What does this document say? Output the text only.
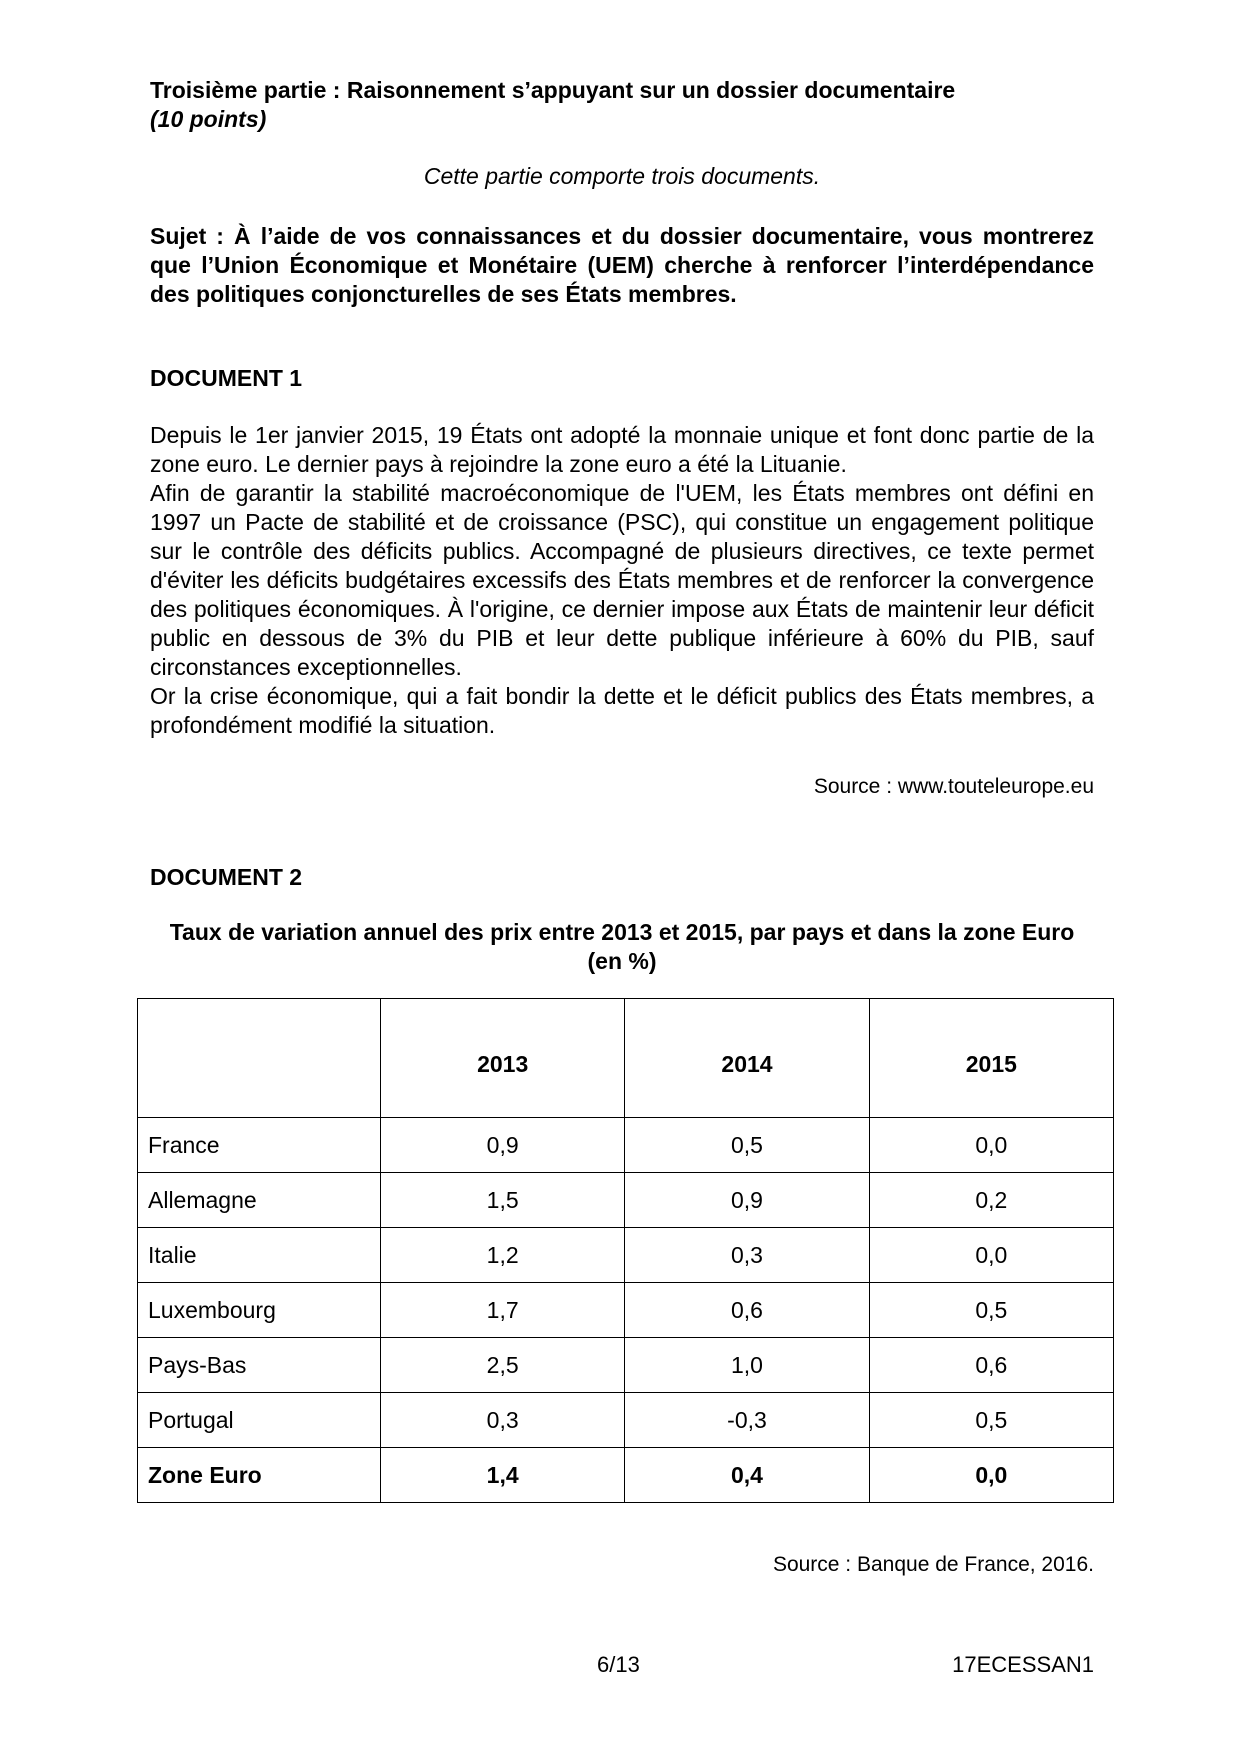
Troisième partie : Raisonnement s’appuyant sur un dossier documentaire
(10 points)
Cette partie comporte trois documents.
Sujet : À l’aide de vos connaissances et du dossier documentaire, vous montrerez que l’Union Économique et Monétaire (UEM) cherche à renforcer l’interdépendance des politiques conjoncturelles de ses États membres.
DOCUMENT 1

Depuis le 1er janvier 2015, 19 États ont adopté la monnaie unique et font donc partie de la zone euro. Le dernier pays à rejoindre la zone euro a été la Lituanie.

Afin de garantir la stabilité macroéconomique de l'UEM, les États membres ont défini en 1997 un Pacte de stabilité et de croissance (PSC), qui constitue un engagement politique sur le contrôle des déficits publics. Accompagné de plusieurs directives, ce texte permet d'éviter les déficits budgétaires excessifs des États membres et de renforcer la convergence des politiques économiques. À l'origine, ce dernier impose aux États de maintenir leur déficit public en dessous de 3% du PIB et leur dette publique inférieure à 60% du PIB, sauf circonstances exceptionnelles.

Or la crise économique, qui a fait bondir la dette et le déficit publics des États membres, a profondément modifié la situation.

Source : www.touteleurope.eu
DOCUMENT 2
Taux de variation annuel des prix entre 2013 et 2015, par pays et dans la zone Euro (en %)
	2013	2014	2015
France	0,9	0,5	0,0
Allemagne	1,5	0,9	0,2
Italie	1,2	0,3	0,0
Luxembourg	1,7	0,6	0,5
Pays-Bas	2,5	1,0	0,6
Portugal	0,3	-0,3	0,5
Zone Euro	1,4	0,4	0,0
Source : Banque de France, 2016.
6/13	17ECESSAN1
